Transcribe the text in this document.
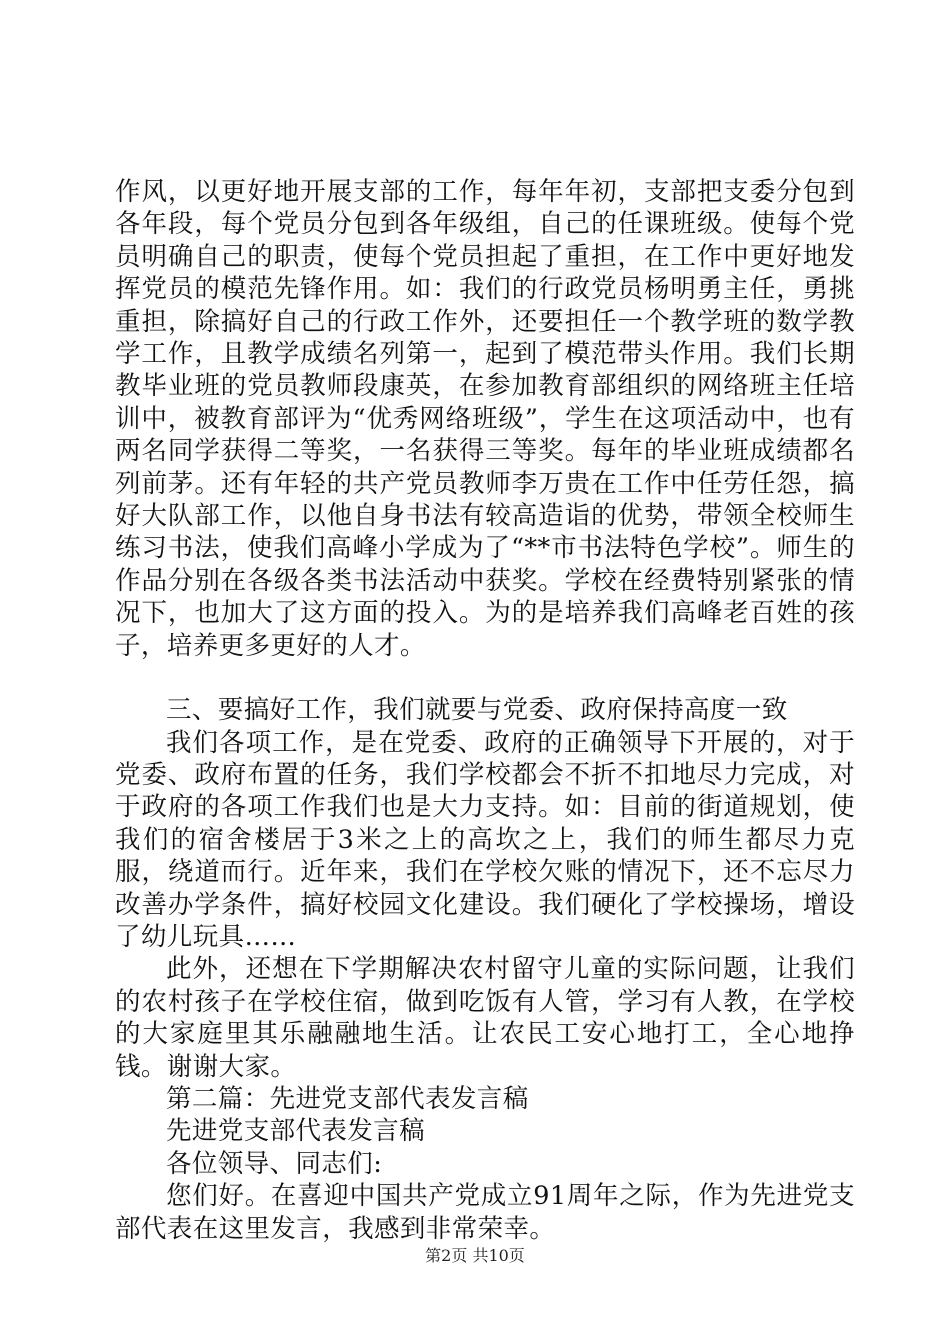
作风，以更好地开展支部的工作，每年年初，支部把支委分包到各年段，每个党员分包到各年级组，自己的任课班级。使每个党员明确自己的职责，使每个党员担起了重担，在工作中更好地发挥党员的模范先锋作用。如：我们的行政党员杨明勇主任，勇挑重担，除搞好自己的行政工作外，还要担任一个教学班的数学教学工作，且教学成绩名列第一，起到了模范带头作用。我们长期教毕业班的党员教师段康英，在参加教育部组织的网络班主任培训中，被教育部评为“优秀网络班级”，学生在这项活动中，也有两名同学获得二等奖，一名获得三等奖。每年的毕业班成绩都名列前茅。还有年轻的共产党员教师李万贵在工作中任劳任怨，搞好大队部工作，以他自身书法有较高造诣的优势，带领全校师生练习书法，使我们高峰小学成为了“**市书法特色学校”。师生的作品分别在各级各类书法活动中获奖。学校在经费特别紧张的情况下，也加大了这方面的投入。为的是培养我们高峰老百姓的孩子，培养更多更好的人才。

三、要搞好工作，我们就要与党委、政府保持高度一致

我们各项工作，是在党委、政府的正确领导下开展的，对于党委、政府布置的任务，我们学校都会不折不扣地尽力完成，对于政府的各项工作我们也是大力支持。如：目前的街道规划，使我们的宿舍楼居于3米之上的高坎之上，我们的师生都尽力克服，绕道而行。近年来，我们在学校欠账的情况下，还不忘尽力改善办学条件，搞好校园文化建设。我们硬化了学校操场，增设了幼儿玩具……

此外，还想在下学期解决农村留守儿童的实际问题，让我们的农村孩子在学校住宿，做到吃饭有人管，学习有人教，在学校的大家庭里其乐融融地生活。让农民工安心地打工，全心地挣钱。谢谢大家。

第二篇：先进党支部代表发言稿

先进党支部代表发言稿

各位领导、同志们:

您们好。在喜迎中国共产党成立91周年之际，作为先进党支部代表在这里发言，我感到非常荣幸。

第2页 共10页
